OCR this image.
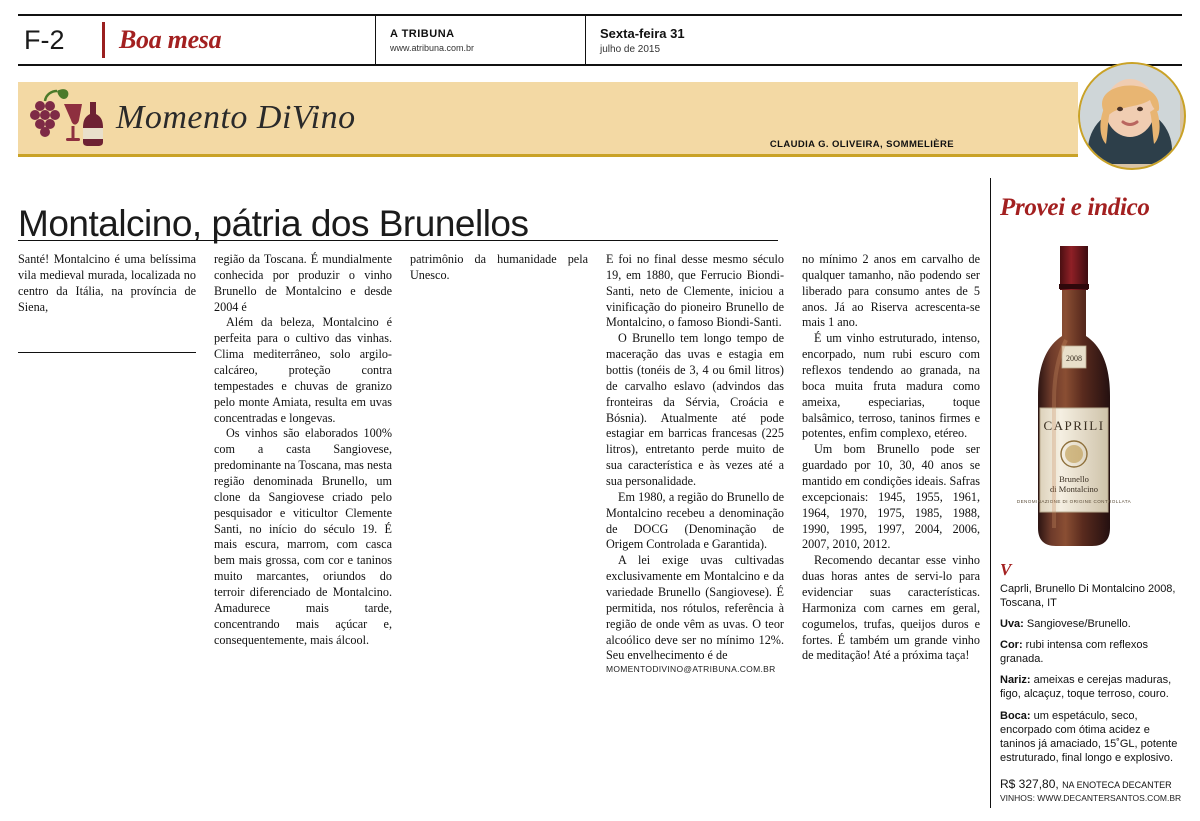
F-2	Boa mesa	A TRIBUNA
www.atribuna.com.br
Sexta-feira 31
julho de 2015
Momento DiVino
CLAUDIA G. OLIVEIRA, SOMMELIÈRE
Montalcino, pátria dos Brunellos

Santé! Montalcino é uma belíssima vila medieval murada, localizada no centro da Itália, na província de Siena,

região da Toscana. É mundialmente conhecida por produzir o vinho Brunello de Montalcino e desde 2004 é

Além da beleza, Montalcino é perfeita para o cultivo das vinhas. Clima mediterrâneo, solo argilo-calcáreo, proteção contra tempestades e chuvas de granizo pelo monte Amiata, resulta em uvas concentradas e longevas.

Os vinhos são elaborados 100% com a casta Sangiovese, predominante na Toscana, mas nesta região denominada Brunello, um clone da Sangiovese criado pelo pesquisador e viticultor Clemente Santi, no início do século 19. É mais escura, marrom, com casca bem mais grossa, com cor e taninos muito marcantes, oriundos do terroir diferenciado de Montalcino. Amadurece mais tarde, concentrando mais açúcar e, consequentemente, mais álcool.

patrimônio da humanidade pela Unesco.

E foi no final desse mesmo século 19, em 1880, que Ferrucio Biondi-Santi, neto de Clemente, iniciou a vinificação do pioneiro Brunello de Montalcino, o famoso Biondi-Santi.

O Brunello tem longo tempo de maceração das uvas e estagia em bottis (tonéis de 3, 4 ou 6mil litros) de carvalho eslavo (advindos das fronteiras da Sérvia, Croácia e Bósnia). Atualmente até pode estagiar em barricas francesas (225 litros), entretanto perde muito de sua característica e às vezes até a sua personalidade.

Em 1980, a região do Brunello de Montalcino recebeu a denominação de DOCG (Denominação de Origem Controlada e Garantida).

A lei exige uvas cultivadas exclusivamente em Montalcino e da variedade Brunello (Sangiovese). É permitida, nos rótulos, referência à região de onde vêm as uvas. O teor alcoólico deve ser no mínimo 12%. Seu envelhecimento é de

MOMENTODIVINO@ATRIBUNA.COM.BR

no mínimo 2 anos em carvalho de qualquer tamanho, não podendo ser liberado para consumo antes de 5 anos. Já ao Riserva acrescenta-se mais 1 ano.

É um vinho estruturado, intenso, encorpado, num rubi escuro com reflexos tendendo ao granada, na boca muita fruta madura como ameixa, especiarias, toque balsâmico, terroso, taninos firmes e potentes, enfim complexo, etéreo.

Um bom Brunello pode ser guardado por 10, 30, 40 anos se mantido em condições ideais. Safras excepcionais: 1945, 1955, 1961, 1964, 1970, 1975, 1985, 1988, 1990, 1995, 1997, 2004, 2006, 2007, 2010, 2012.

Recomendo decantar esse vinho duas horas antes de servi-lo para evidenciar suas características. Harmoniza com carnes em geral, cogumelos, trufas, queijos duros e fortes. É também um grande vinho de meditação! Até a próxima taça!

Provei e indico
CAPRILI
Brunello
di Montalcino
DENOMINAZIONE DI ORIGINE CONTROLLATA
2008
V
Caprli, Brunello Di Montalcino 2008, Toscana, IT
Uva: Sangiovese/Brunello.
Cor: rubi intensa com reflexos granada.
Nariz: ameixas e cerejas maduras, figo, alcaçuz, toque terroso, couro.
Boca: um espetáculo, seco, encorpado com ótima acidez e taninos já amaciado, 15˚GL, potente estruturado, final longo e explosivo.
R$ 327,80, NA ENOTECA DECANTER
VINHOS: WWW.DECANTERSANTOS.COM.BR
